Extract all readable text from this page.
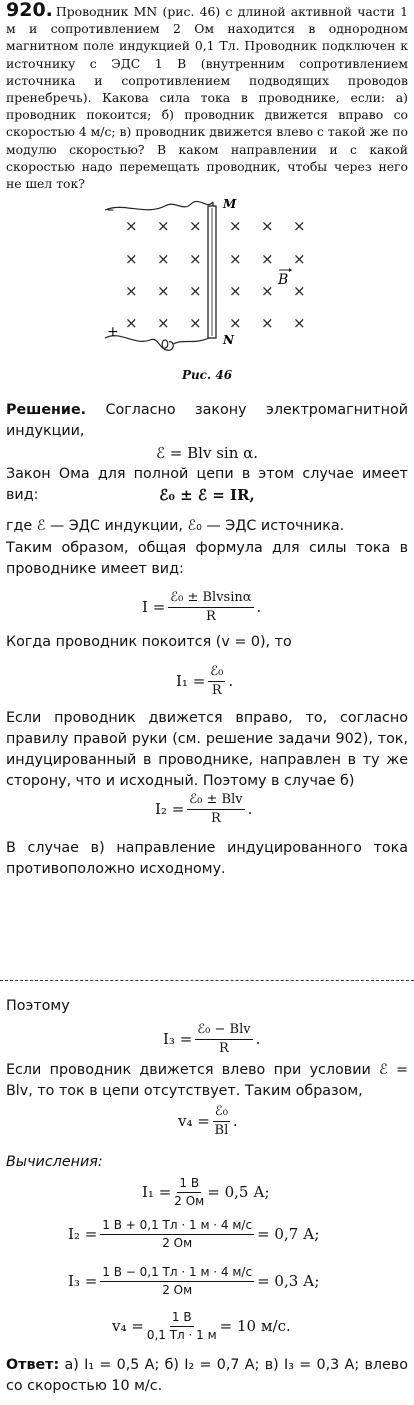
920. Проводник MN (рис. 46) с длиной активной части 1 м и сопротивлением 2 Ом находится в однородном магнитном поле индукцией 0,1 Тл. Проводник подключен к источнику с ЭДС 1 В (внутренним сопротивлением источника и сопротивлением подводящих проводов пренебречь). Какова сила тока в проводнике, если: а) проводник покоится; б) проводник движется вправо со скоростью 4 м/с; в) проводник движется влево с такой же по модулю скоростью? В каком направлении и с какой скоростью надо перемещать проводник, чтобы через него не шел ток?
–
+
M
N
B
× × × × × ×
× × × × × ×
× × × × × ×
× × × × × ×
Рис. 46
Решение. Согласно закону электромагнитной индукции,
ℰ = Blv sin α.
Закон Ома для полной цепи в этом случае имеет вид:	ℰ₀ ± ℰ = IR,
где ℰ — ЭДС индукции, ℰ₀ — ЭДС источника.
Таким образом, общая формула для силы тока в проводнике имеет вид:
$I = \frac{\text{ℰ₀ ± Blvsinα}}{R}$ .
Когда проводник покоится (v = 0), то
$I_1 = \frac{\text{ℰ₀}}{R}$ .
Если проводник движется вправо, то, согласно правилу правой руки (см. решение задачи 902), ток, индуцированный в проводнике, направлен в ту же сторону, что и исходный. Поэтому в случае б)
$I_2 = \frac{\text{ℰ₀ ± Blv}}{R}$ .
В случае в) направление индуцированного тока противоположно исходному.
Поэтому
$I_3 = \frac{\text{ℰ₀ − Blv}}{R}$ .
Если проводник движется влево при условии ℰ = Blv, то ток в цепи отсутствует. Таким образом,
$v_4 = \frac{\text{ℰ₀}}{Bl}$ .
Вычисления:
$I_1 = \frac{1 В}{2 Ом} = 0,5$ А;
$I_2 = \frac{1 В + 0,1 Тл \cdot 1 м \cdot 4 м/с}{2 Ом} = 0,7$ А;
$I_3 = \frac{1 В - 0,1 Тл \cdot 1 м \cdot 4 м/с}{2 Ом} = 0,3$ А;
$v_4 = \frac{1 В}{0,1 Тл \cdot 1 м} = 10$ м/с.
Ответ: а) I₁ = 0,5 А; б) I₂ = 0,7 А; в) I₃ = 0,3 А; влево со скоростью 10 м/с.
